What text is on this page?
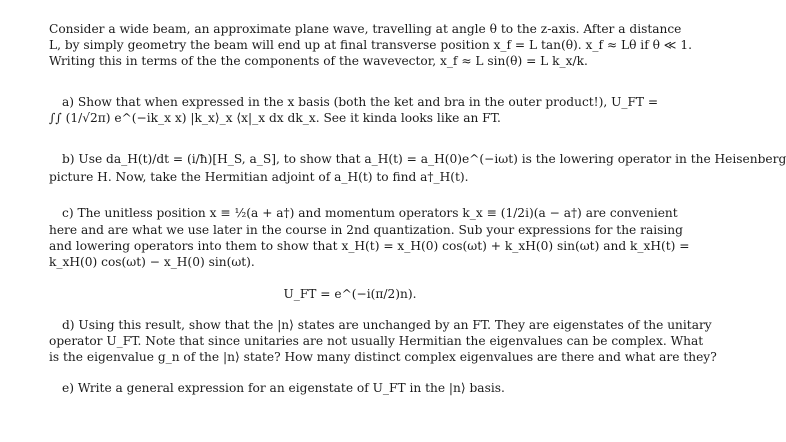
Consider a wide beam, an approximate plane wave, travelling at angle θ to the z-axis. After a distance
L, by simply geometry the beam will end up at final transverse position x_f = L tan(θ). x_f ≈ Lθ if θ ≪ 1.
Writing this in terms of the the components of the wavevector, x_f ≈ L sin(θ) = L k_x/k.
a) Show that when expressed in the x basis (both the ket and bra in the outer product!), U_FT =
∫∫ (1/√2π) e^(−ik_x x) |k_x⟩_x ⟨x|_x dx dk_x. See it kinda looks like an FT.
b) Use da_H(t)/dt = (i/ħ)[H_S, a_S], to show that a_H(t) = a_H(0)e^(−iωt) is the lowering operator in the Heisenberg
picture H. Now, take the Hermitian adjoint of a_H(t) to find a†_H(t).
c) The unitless position x ≡ ½(a + a†) and momentum operators k_x ≡ (1/2i)(a − a†) are convenient
here and are what we use later in the course in 2nd quantization. Sub your expressions for the raising
and lowering operators into them to show that x_H(t) = x_H(0) cos(ωt) + k_xH(0) sin(ωt) and k_xH(t) =
k_xH(0) cos(ωt) − x_H(0) sin(ωt).
U_FT = e^(−i(π/2)n).
d) Using this result, show that the |n⟩ states are unchanged by an FT. They are eigenstates of the unitary
operator U_FT. Note that since unitaries are not usually Hermitian the eigenvalues can be complex. What
is the eigenvalue g_n of the |n⟩ state? How many distinct complex eigenvalues are there and what are they?
e) Write a general expression for an eigenstate of U_FT in the |n⟩ basis.
